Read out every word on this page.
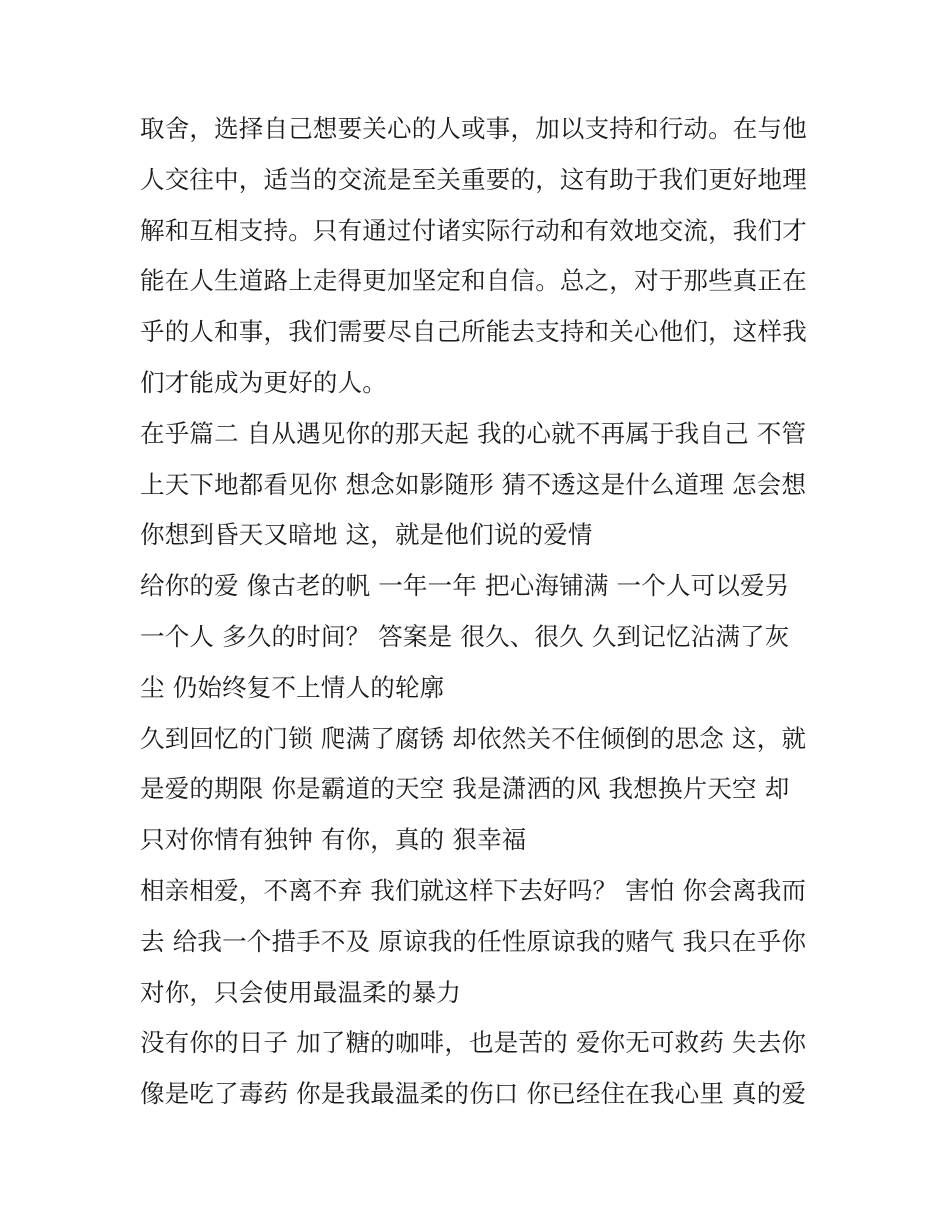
取舍，选择自己想要关心的人或事，加以支持和行动。在与他
人交往中，适当的交流是至关重要的，这有助于我们更好地理
解和互相支持。只有通过付诸实际行动和有效地交流，我们才
能在人生道路上走得更加坚定和自信。总之，对于那些真正在
乎的人和事，我们需要尽自己所能去支持和关心他们，这样我
们才能成为更好的人。
在乎篇二 自从遇见你的那天起 我的心就不再属于我自己 不管
上天下地都看见你 想念如影随形 猜不透这是什么道理 怎会想
你想到昏天又暗地 这，就是他们说的爱情
给你的爱 像古老的帆 一年一年 把心海铺满 一个人可以爱另
一个人 多久的时间？ 答案是 很久、很久 久到记忆沾满了灰
尘 仍始终复不上情人的轮廓
久到回忆的门锁 爬满了腐锈 却依然关不住倾倒的思念 这，就
是爱的期限 你是霸道的天空 我是潇洒的风 我想换片天空 却
只对你情有独钟 有你，真的 狠幸福
相亲相爱，不离不弃 我们就这样下去好吗？ 害怕 你会离我而
去 给我一个措手不及 原谅我的任性原谅我的赌气 我只在乎你
对你，只会使用最温柔的暴力
没有你的日子 加了糖的咖啡，也是苦的 爱你无可救药 失去你
像是吃了毒药 你是我最温柔的伤口 你已经住在我心里 真的爱
